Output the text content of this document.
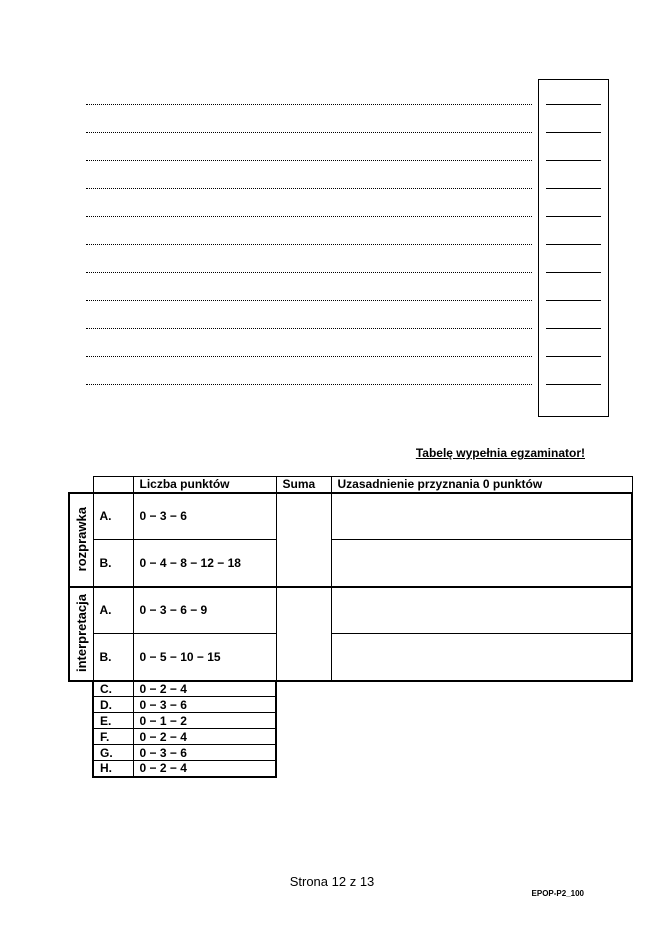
Tabelę wypełnia egzaminator!
		Liczba punktów	Suma	Uzasadnienie przyznania 0 punktów

rozprawka	A.	0 − 3 − 6		
	B.	0 − 4 − 8 − 12 − 18		

interpretacja	A.	0 − 3 − 6 − 9		
	B.	0 − 5 − 10 − 15		
	C.	0 − 2 − 4		
	D.	0 − 3 − 6		
	E.	0 − 1 − 2		
	F.	0 − 2 − 4		
	G.	0 − 3 − 6		
	H.	0 − 2 − 4		
Strona 12 z 13
EPOP-P2_100
